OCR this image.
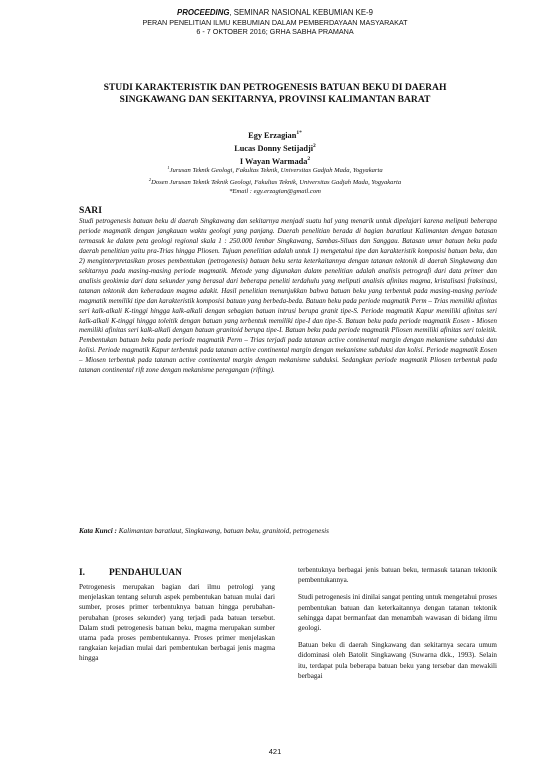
PROCEEDING, SEMINAR NASIONAL KEBUMIAN KE-9
PERAN PENELITIAN ILMU KEBUMIAN DALAM PEMBERDAYAAN MASYARAKAT
6 - 7 OKTOBER 2016; GRHA SABHA PRAMANA
STUDI KARAKTERISTIK DAN PETROGENESIS BATUAN BEKU DI DAERAH
SINGKAWANG DAN SEKITARNYA, PROVINSI KALIMANTAN BARAT
Egy Erzagian$^{1*}$
Lucas Donny Setijadji$^2$
I Wayan Warmada$^2$
$^1$Jurusan Teknik Geologi, Fakultas Teknik, Universitas Gadjah Mada, Yogyakarta
$^2$Dosen Jurusan Teknik Teknik Geologi, Fakultas Teknik, Universitas Gadjah Mada, Yogyakarta
*Email : egy.erzagian@gmail.com
SARI

Studi petrogenesis batuan beku di daerah Singkawang dan sekitarnya menjadi suatu hal yang menarik untuk dipelajari karena meliputi beberapa periode magmatik dengan jangkauan waktu geologi yang panjang. Daerah penelitian berada di bagian baratlaut Kalimantan dengan batasan termasuk ke dalam peta geologi regional skala 1 : 250.000 lembar Singkawang, Sambas-Siluas dan Sanggau. Batasan umur batuan beku pada daerah penelitian yaitu pra-Trias hingga Pliosen. Tujuan penelitian adalah untuk 1) mengetahui tipe dan karakteristik komposisi batuan beku, dan 2) menginterpretasikan proses pembentukan (petrogenesis) batuan beku serta keterkaitannya dengan tatanan tektonik di daerah Singkawang dan sekitarnya pada masing-masing periode magmatik. Metode yang digunakan dalam penelitian adalah analisis petrografi dari data primer dan analisis geokimia dari data sekunder yang berasal dari beberapa peneliti terdahulu yang meliputi analisis afinitas magma, kristalisasi fraksinasi, tatanan tektonik dan keberadaan magma adakit. Hasil penelitian menunjukkan bahwa batuan beku yang terbentuk pada masing-masing periode magmatik memiliki tipe dan karakteristik komposisi batuan yang berbeda-beda. Batuan beku pada periode magmatik Perm – Trias memiliki afinitas seri kalk-alkali K-tinggi hingga kalk-alkali dengan sebagian batuan intrusi berupa granit tipe-S. Periode magmatik Kapur memiliki afinitas seri kalk-alkali K-tinggi hingga toleitik dengan batuan yang terbentuk memiliki tipe-I dan tipe-S. Batuan beku pada periode magmatik Eosen - Miosen memiliki afinitas seri kalk-alkali dengan batuan granitoid berupa tipe-I. Batuan beku pada periode magmatik Pliosen memiliki afinitas seri toleitik. Pembentukan batuan beku pada periode magmatik Perm – Trias terjadi pada tatanan active continental margin dengan mekanisme subduksi dan kolisi. Periode magmatik Kapur terbentuk pada tatanan active continental margin dengan mekanisme subduksi dan kolisi. Periode magmatik Eosen – Miosen terbentuk pada tatanan active continental margin dengan mekanisme subduksi. Sedangkan periode magmatik Pliosen terbentuk pada tatanan continental rift zone dengan mekanisme peregangan (rifting).

Kata Kunci : Kalimantan baratlaut, Singkawang, batuan beku, granitoid, petrogenesis
I.	PENDAHULUAN

Petrogenesis merupakan bagian dari ilmu petrologi yang menjelaskan tentang seluruh aspek pembentukan batuan mulai dari sumber, proses primer terbentuknya batuan hingga perubahan-perubahan (proses sekunder) yang terjadi pada batuan tersebut. Dalam studi petrogenesis batuan beku, magma merupakan sumber utama pada proses pembentukannya. Proses primer menjelaskan rangkaian kejadian mulai dari pembentukan berbagai jenis magma hingga

terbentuknya berbagai jenis batuan beku, termasuk tatanan tektonik pembentukannya.

Studi petrogenesis ini dinilai sangat penting untuk mengetahui proses pembentukan batuan dan keterkaitannya dengan tatanan tektonik sehingga dapat bermanfaat dan menambah wawasan di bidang ilmu geologi.

Batuan beku di daerah Singkawang dan sekitarnya secara umum didominasi oleh Batolit Singkawang (Suwarna dkk., 1993). Selain itu, terdapat pula beberapa batuan beku yang tersebar dan mewakili berbagai

421
